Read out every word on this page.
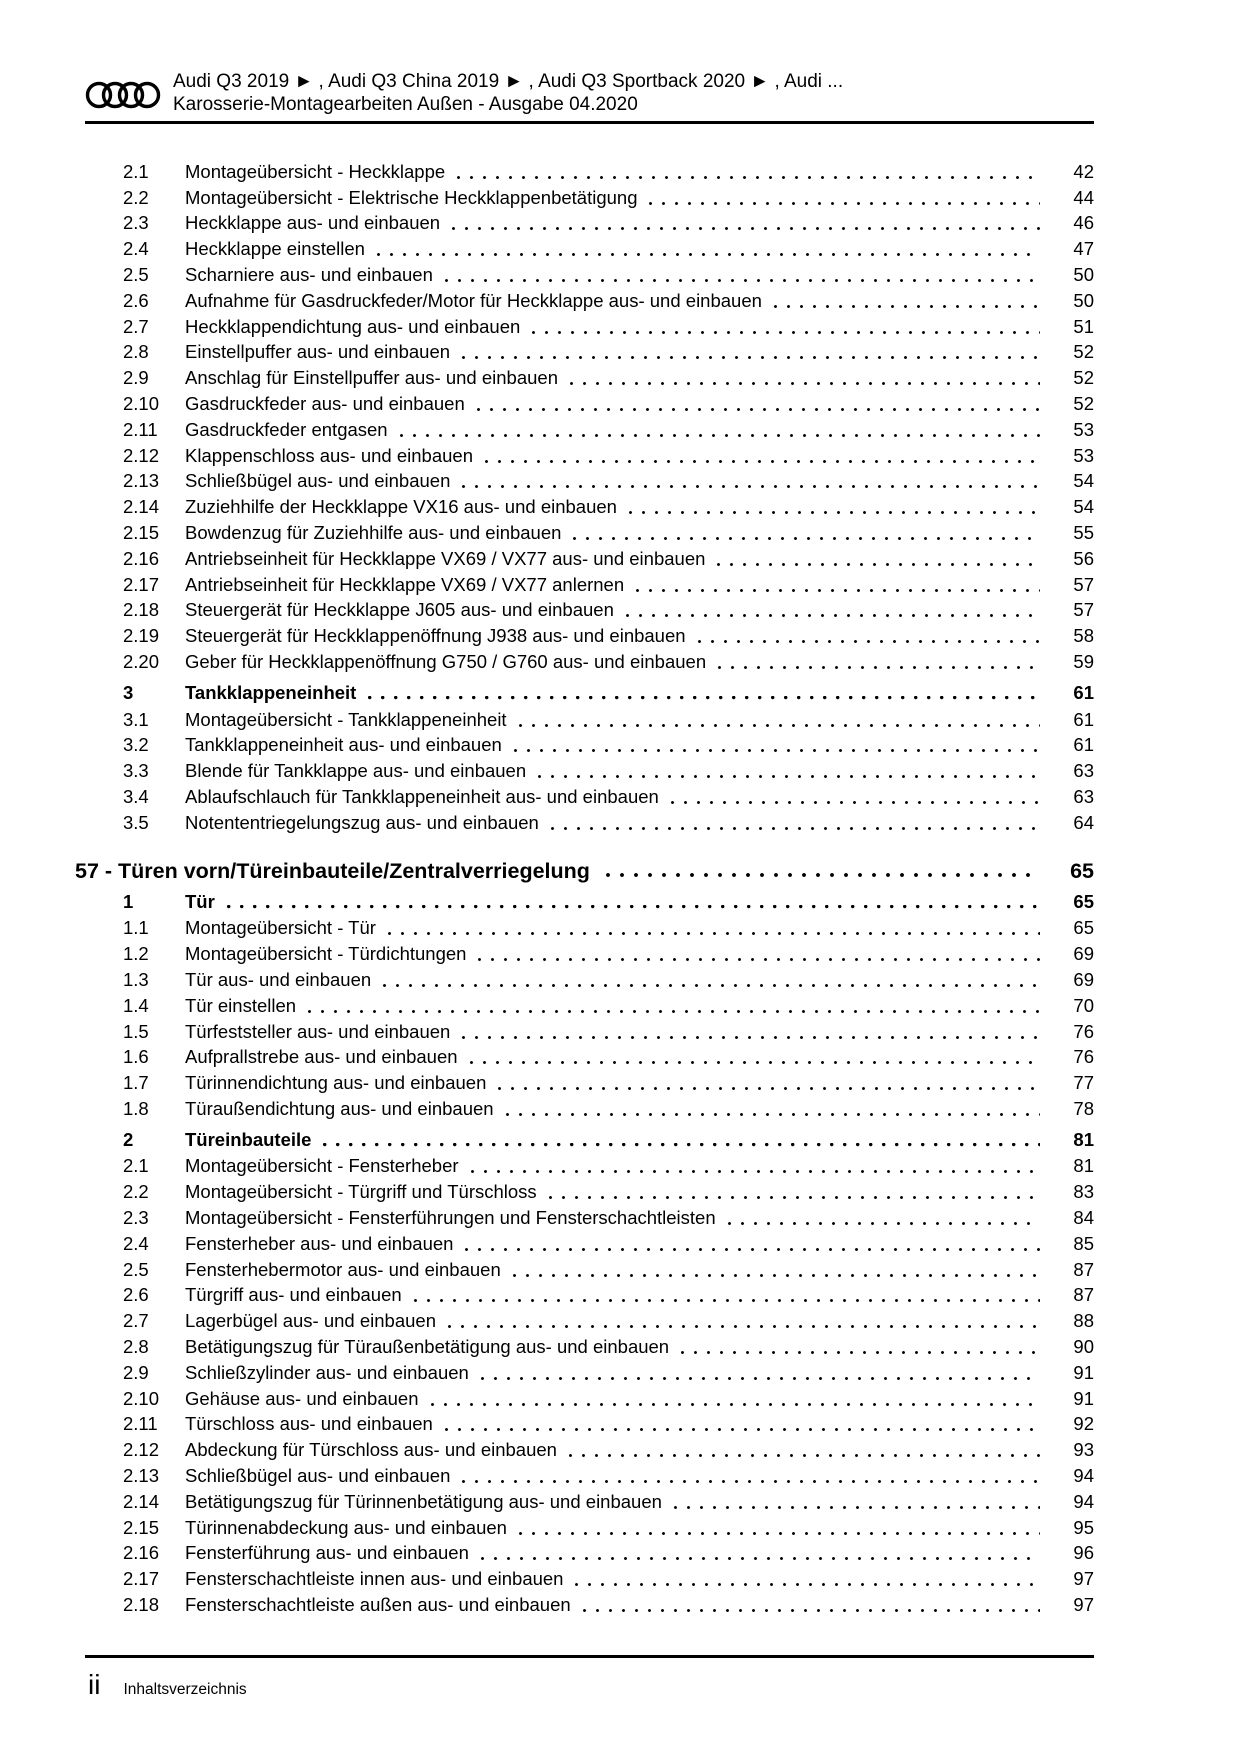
Audi Q3 2019 ► , Audi Q3 China 2019 ► , Audi Q3 Sportback 2020 ► , Audi ...
Karosserie-Montagearbeiten Außen - Ausgabe 04.2020
2.1	Montageübersicht - Heckklappe	42
2.2	Montageübersicht - Elektrische Heckklappenbetätigung	44
2.3	Heckklappe aus- und einbauen	46
2.4	Heckklappe einstellen	47
2.5	Scharniere aus- und einbauen	50
2.6	Aufnahme für Gasdruckfeder/Motor für Heckklappe aus- und einbauen	50
2.7	Heckklappendichtung aus- und einbauen	51
2.8	Einstellpuffer aus- und einbauen	52
2.9	Anschlag für Einstellpuffer aus- und einbauen	52
2.10	Gasdruckfeder aus- und einbauen	52
2.11	Gasdruckfeder entgasen	53
2.12	Klappenschloss aus- und einbauen	53
2.13	Schließbügel aus- und einbauen	54
2.14	Zuziehhilfe der Heckklappe VX16 aus- und einbauen	54
2.15	Bowdenzug für Zuziehhilfe aus- und einbauen	55
2.16	Antriebseinheit für Heckklappe VX69 / VX77 aus- und einbauen	56
2.17	Antriebseinheit für Heckklappe VX69 / VX77 anlernen	57
2.18	Steuergerät für Heckklappe J605 aus- und einbauen	57
2.19	Steuergerät für Heckklappenöffnung J938 aus- und einbauen	58
2.20	Geber für Heckklappenöffnung G750 / G760 aus- und einbauen	59
3	Tankklappeneinheit	61
3.1	Montageübersicht - Tankklappeneinheit	61
3.2	Tankklappeneinheit aus- und einbauen	61
3.3	Blende für Tankklappe aus- und einbauen	63
3.4	Ablaufschlauch für Tankklappeneinheit aus- und einbauen	63
3.5	Notententriegelungszug aus- und einbauen	64
57 - Türen vorn/Türeinbauteile/Zentralverriegelung	65
1	Tür	65
1.1	Montageübersicht - Tür	65
1.2	Montageübersicht - Türdichtungen	69
1.3	Tür aus- und einbauen	69
1.4	Tür einstellen	70
1.5	Türfeststeller aus- und einbauen	76
1.6	Aufprallstrebe aus- und einbauen	76
1.7	Türinnendichtung aus- und einbauen	77
1.8	Türaußendichtung aus- und einbauen	78
2	Türeinbauteile	81
2.1	Montageübersicht - Fensterheber	81
2.2	Montageübersicht - Türgriff und Türschloss	83
2.3	Montageübersicht - Fensterführungen und Fensterschachtleisten	84
2.4	Fensterheber aus- und einbauen	85
2.5	Fensterhebermotor aus- und einbauen	87
2.6	Türgriff aus- und einbauen	87
2.7	Lagerbügel aus- und einbauen	88
2.8	Betätigungszug für Türaußenbetätigung aus- und einbauen	90
2.9	Schließzylinder aus- und einbauen	91
2.10	Gehäuse aus- und einbauen	91
2.11	Türschloss aus- und einbauen	92
2.12	Abdeckung für Türschloss aus- und einbauen	93
2.13	Schließbügel aus- und einbauen	94
2.14	Betätigungszug für Türinnenbetätigung aus- und einbauen	94
2.15	Türinnenabdeckung aus- und einbauen	95
2.16	Fensterführung aus- und einbauen	96
2.17	Fensterschachtleiste innen aus- und einbauen	97
2.18	Fensterschachtleiste außen aus- und einbauen	97
ii Inhaltsverzeichnis
